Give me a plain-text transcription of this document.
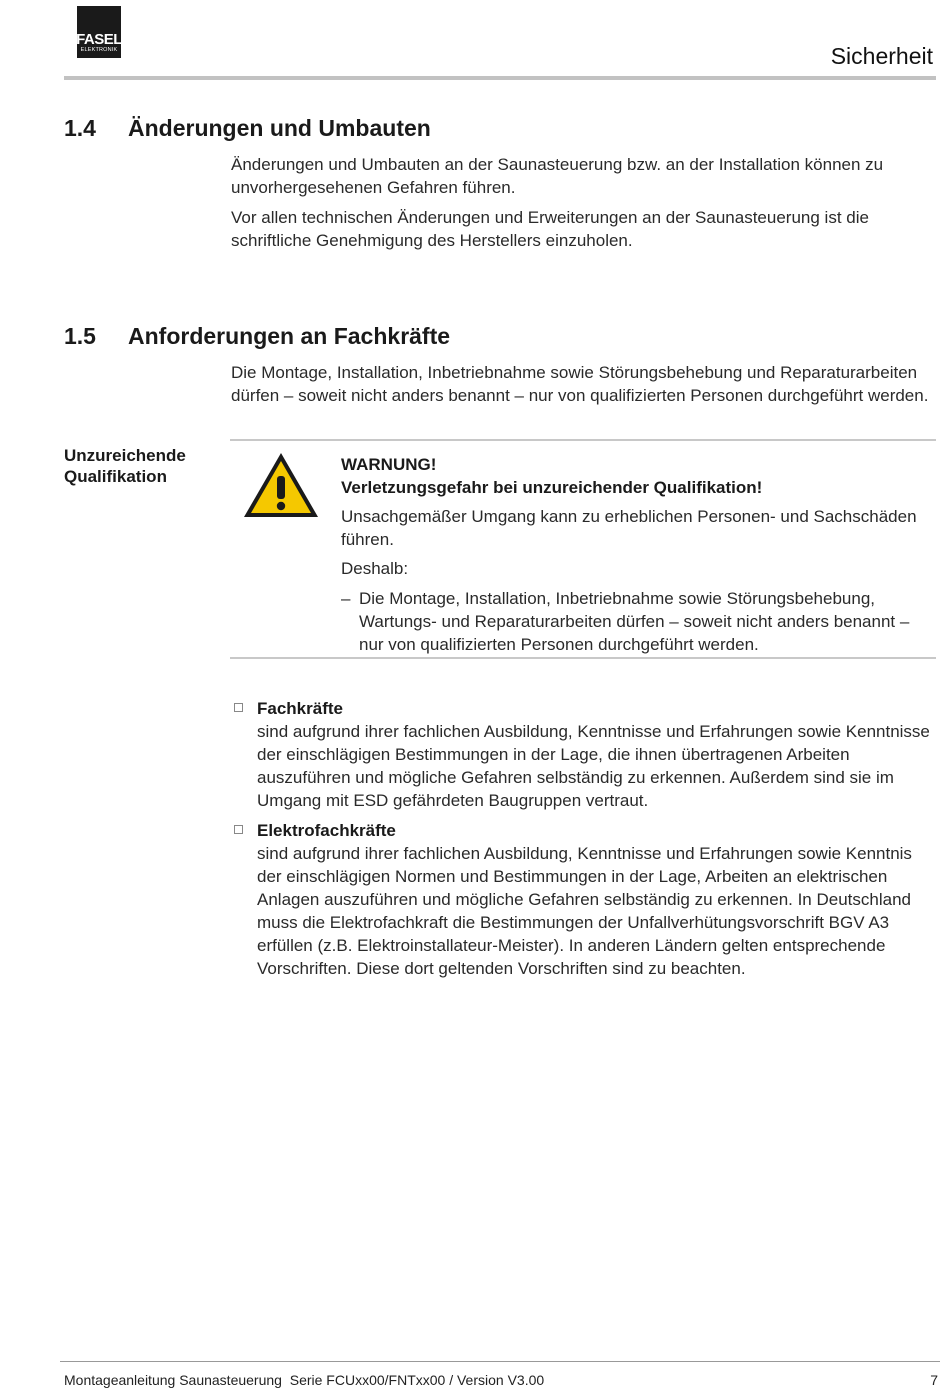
FASEL
ELEKTRONIK	Sicherheit
1.4 Änderungen und Umbauten
Änderungen und Umbauten an der Saunasteuerung bzw. an der Installation können zu unvorhergesehenen Gefahren führen.
Vor allen technischen Änderungen und Erweiterungen an der Saunasteuerung ist die schriftliche Genehmigung des Herstellers einzuholen.
1.5 Anforderungen an Fachkräfte
Die Montage, Installation, Inbetriebnahme sowie Störungsbehebung und Reparaturarbeiten dürfen – soweit nicht anders benannt – nur von qualifizierten Personen durchgeführt werden.
Unzureichende Qualifikation
WARNUNG!
Verletzungsgefahr bei unzureichender Qualifikation!
Unsachgemäßer Umgang kann zu erheblichen Personen- und Sachschäden führen.
Deshalb:
– Die Montage, Installation, Inbetriebnahme sowie Störungsbehebung, Wartungs- und Reparaturarbeiten dürfen – soweit nicht anders benannt – nur von qualifizierten Personen durchgeführt werden.
Fachkräfte
sind aufgrund ihrer fachlichen Ausbildung, Kenntnisse und Erfahrungen sowie Kenntnisse der einschlägigen Bestimmungen in der Lage, die ihnen übertragenen Arbeiten auszuführen und mögliche Gefahren selbständig zu erkennen. Außerdem sind sie im Umgang mit ESD gefährdeten Baugruppen vertraut.
Elektrofachkräfte
sind aufgrund ihrer fachlichen Ausbildung, Kenntnisse und Erfahrungen sowie Kenntnis der einschlägigen Normen und Bestimmungen in der Lage, Arbeiten an elektrischen Anlagen auszuführen und mögliche Gefahren selbständig zu erkennen. In Deutschland muss die Elektrofachkraft die Bestimmungen der Unfallverhütungsvorschrift BGV A3 erfüllen (z.B. Elektroinstallateur-Meister). In anderen Ländern gelten entsprechende Vorschriften. Diese dort geltenden Vorschriften sind zu beachten.
Montageanleitung Saunasteuerung  Serie FCUxx00/FNTxx00 / Version V3.00	7
